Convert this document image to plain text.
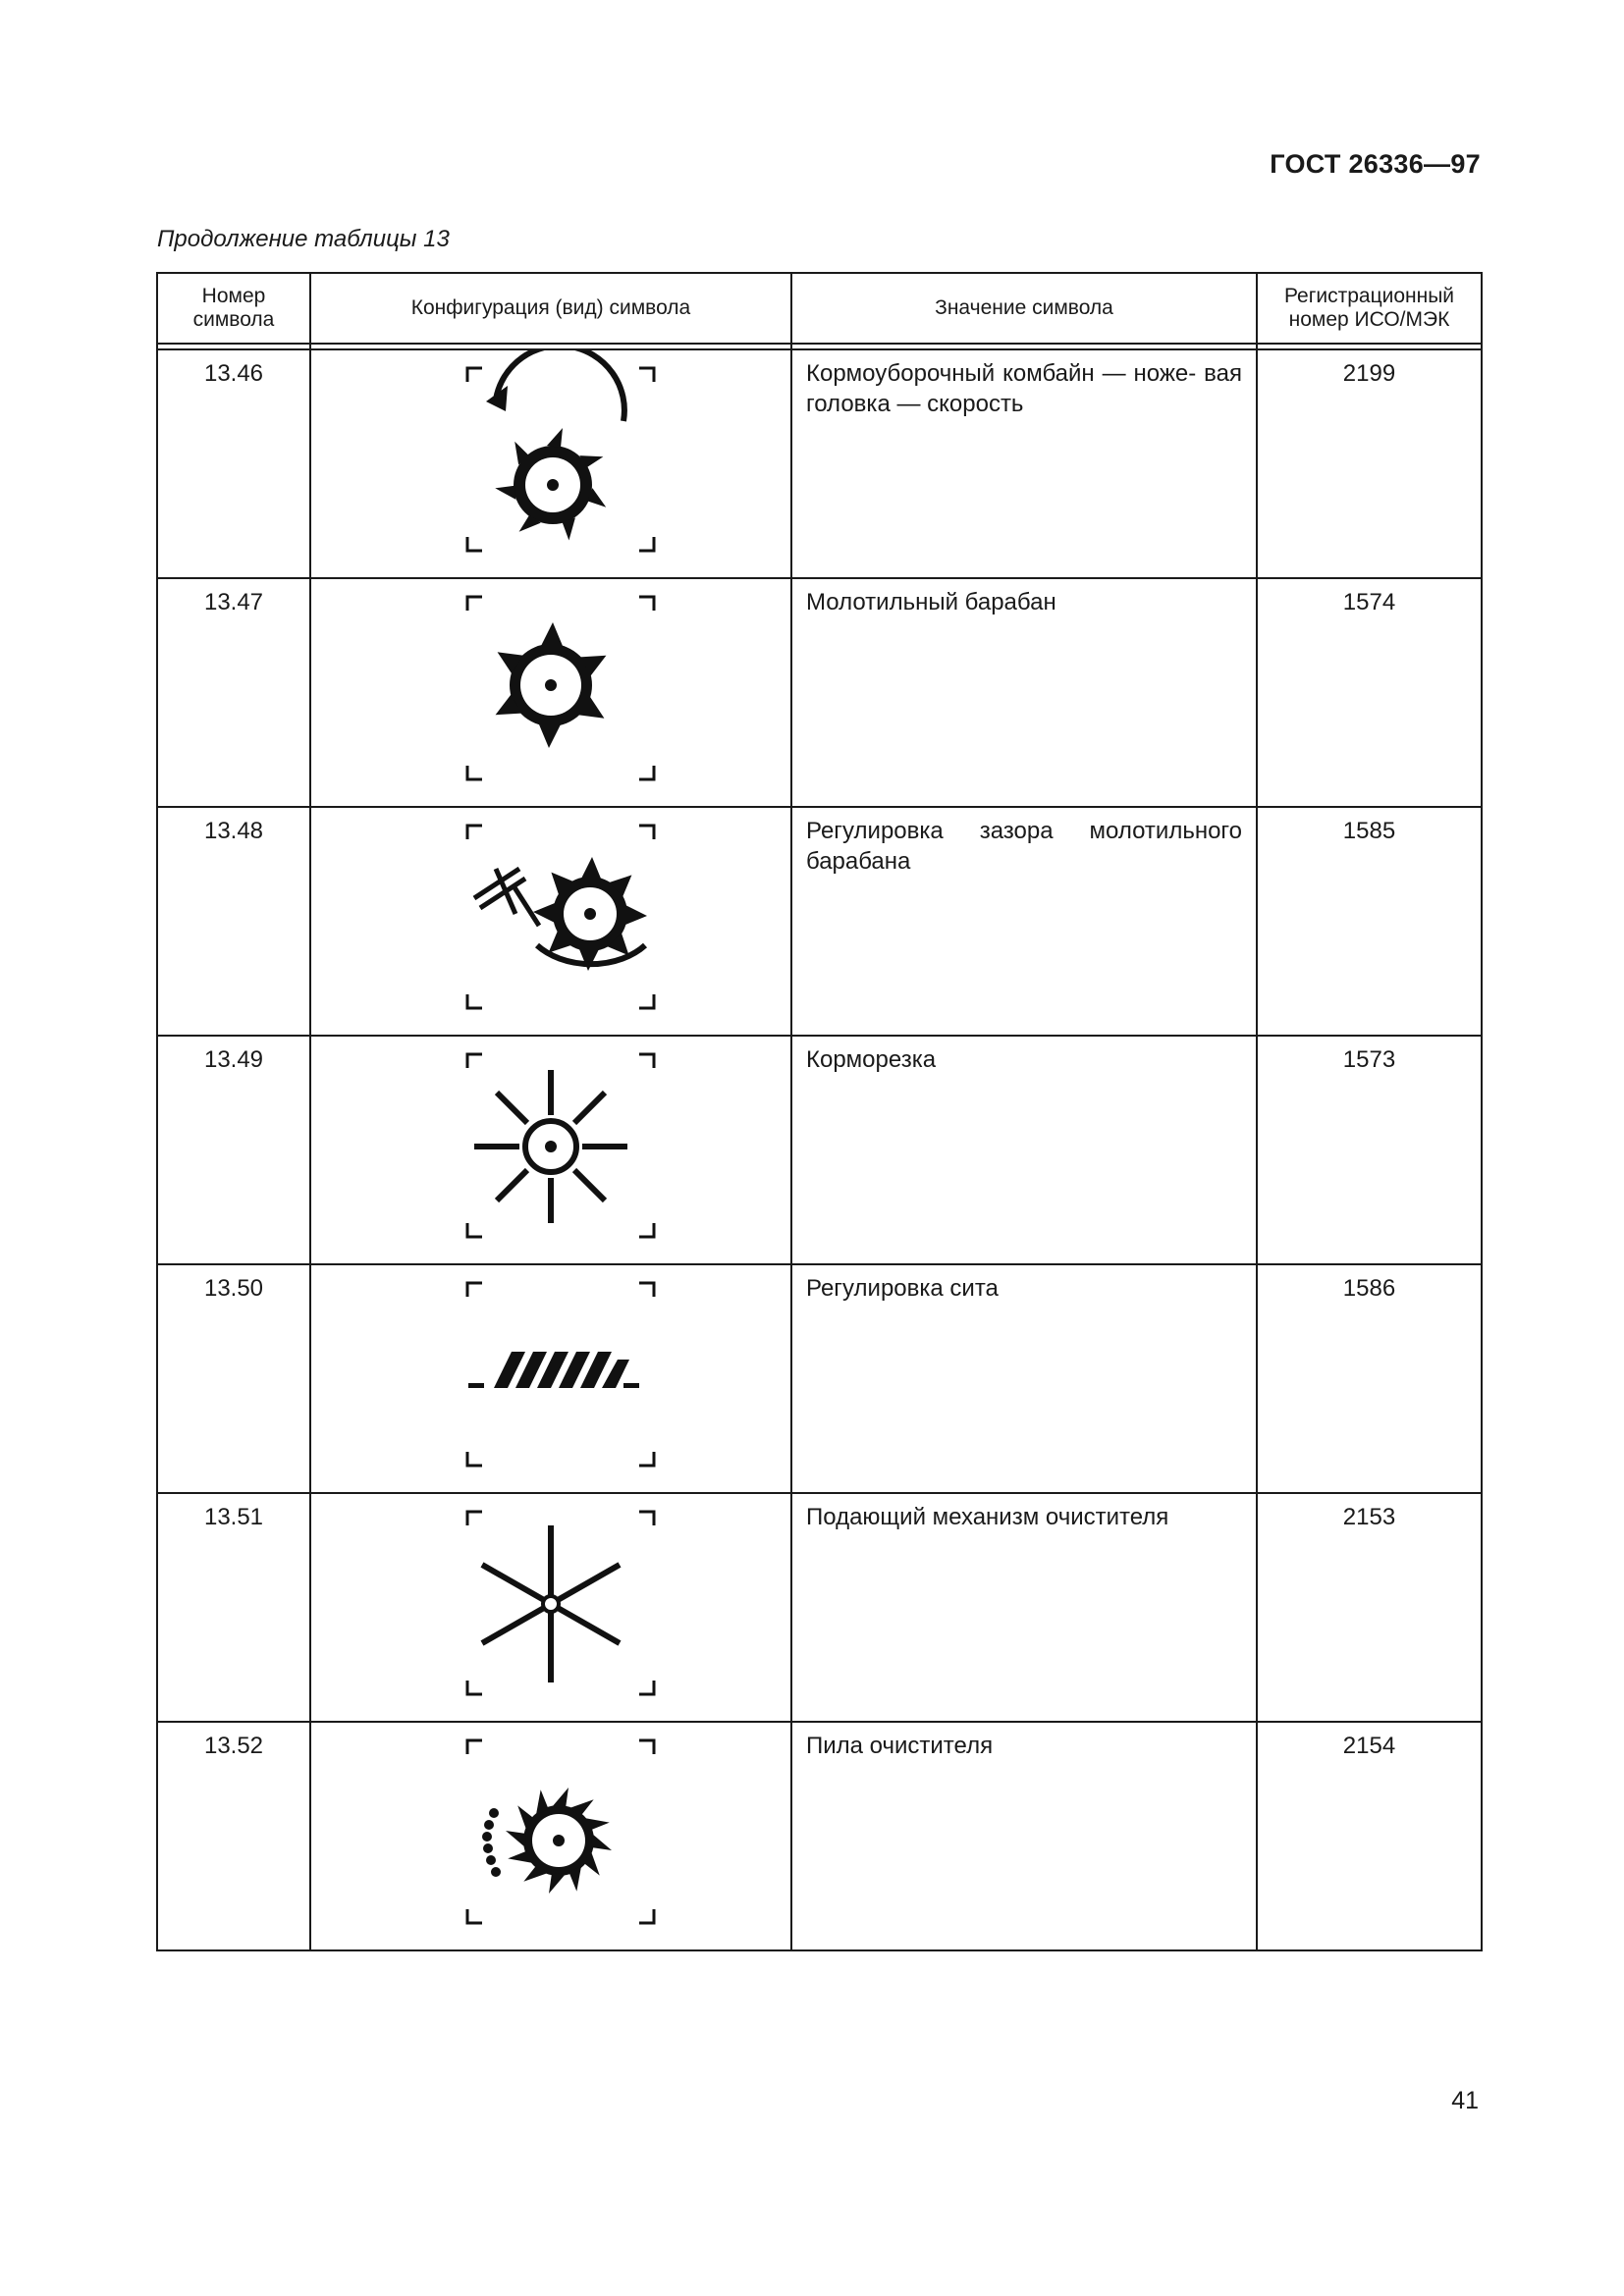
ГОСТ 26336—97
Продолжение таблицы 13
Номер символа	Конфигурация (вид) символа	Значение символа	Регистрационный номер ИСО/МЭК

13.46		Кормоуборочный комбайн — ноже- вая головка — скорость	2199
13.47		Молотильный барабан	1574
13.48		Регулировка зазора молотильного барабана	1585
13.49		Корморезка	1573
13.50		Регулировка сита	1586
13.51		Подающий механизм очистителя	2153
13.52		Пила очистителя	2154
41
